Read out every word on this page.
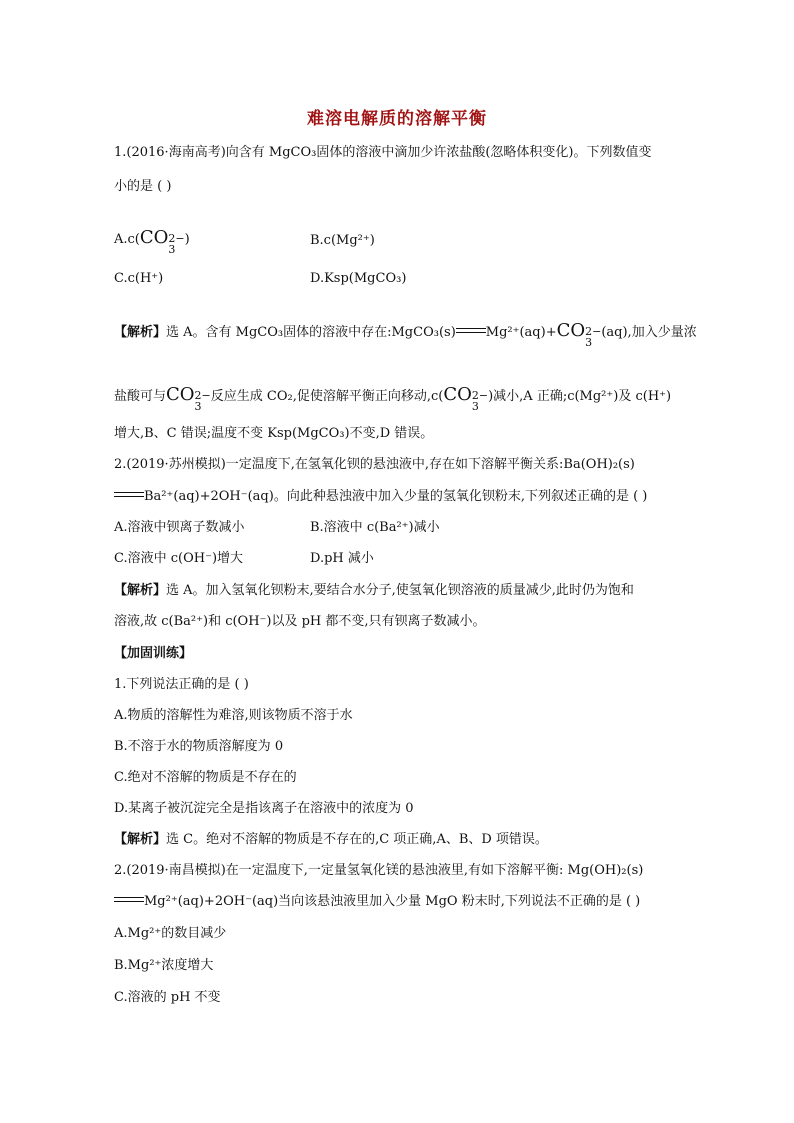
难溶电解质的溶解平衡
1.(2016·海南高考)向含有 MgCO₃固体的溶液中滴加少许浓盐酸(忽略体积变化)。下列数值变
小的是 ( )
A.c(CO2−
3)	B.c(Mg²⁺)
C.c(H⁺)	D.Ksp(MgCO₃)
【解析】选 A。含有 MgCO₃固体的溶液中存在:MgCO₃(s) Mg²⁺(aq)+CO2−
3(aq),加入少量浓
盐酸可与CO2−
3反应生成 CO₂,促使溶解平衡正向移动,c(CO2−
3)减小,A 正确;c(Mg²⁺)及 c(H⁺)
增大,B、C 错误;温度不变 Ksp(MgCO₃)不变,D 错误。
2.(2019·苏州模拟)一定温度下,在氢氧化钡的悬浊液中,存在如下溶解平衡关系:Ba(OH)₂(s)
Ba²⁺(aq)+2OH⁻(aq)。向此种悬浊液中加入少量的氢氧化钡粉末,下列叙述正确的是 ( )
A.溶液中钡离子数减小	B.溶液中 c(Ba²⁺)减小
C.溶液中 c(OH⁻)增大	D.pH 减小
【解析】选 A。加入氢氧化钡粉末,要结合水分子,使氢氧化钡溶液的质量减少,此时仍为饱和
溶液,故 c(Ba²⁺)和 c(OH⁻)以及 pH 都不变,只有钡离子数减小。
【加固训练】
1.下列说法正确的是 ( )
A.物质的溶解性为难溶,则该物质不溶于水
B.不溶于水的物质溶解度为 0
C.绝对不溶解的物质是不存在的
D.某离子被沉淀完全是指该离子在溶液中的浓度为 0
【解析】选 C。绝对不溶解的物质是不存在的,C 项正确,A、B、D 项错误。
2.(2019·南昌模拟)在一定温度下,一定量氢氧化镁的悬浊液里,有如下溶解平衡: Mg(OH)₂(s)
Mg²⁺(aq)+2OH⁻(aq)当向该悬浊液里加入少量 MgO 粉末时,下列说法不正确的是 ( )
A.Mg²⁺的数目减少
B.Mg²⁺浓度增大
C.溶液的 pH 不变
